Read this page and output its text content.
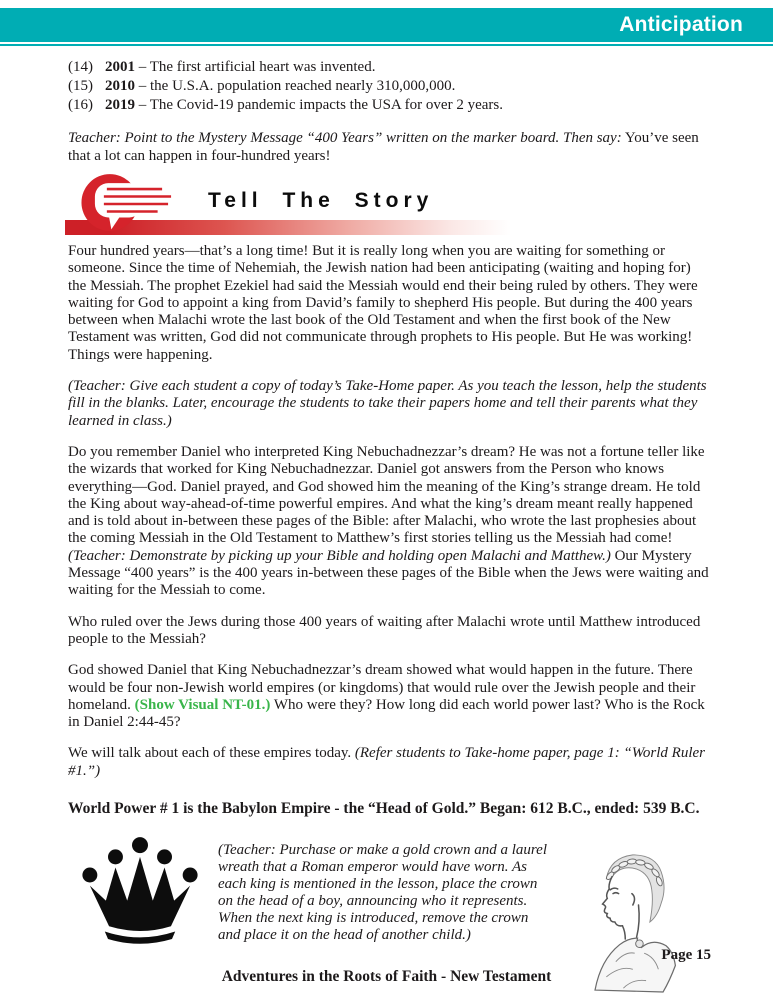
Anticipation
(14) 2001 – The first artificial heart was invented.
(15) 2010 – the U.S.A. population reached nearly 310,000,000.
(16) 2019 – The Covid-19 pandemic impacts the USA for over 2 years.

Teacher: Point to the Mystery Message “400 Years” written on the marker board. Then say: You’ve seen that a lot can happen in four-hundred years!

Tell The Story

Four hundred years—that’s a long time! But it is really long when you are waiting for something or someone. Since the time of Nehemiah, the Jewish nation had been anticipating (waiting and hoping for) the Messiah. The prophet Ezekiel had said the Messiah would end their being ruled by others. They were waiting for God to appoint a king from David’s family to shepherd His people. But during the 400 years between when Malachi wrote the last book of the Old Testament and when the first book of the New Testament was written, God did not communicate through prophets to His people. But He was working! Things were happening.

(Teacher: Give each student a copy of today’s Take-Home paper. As you teach the lesson, help the students fill in the blanks. Later, encourage the students to take their papers home and tell their parents what they learned in class.)

Do you remember Daniel who interpreted King Nebuchadnezzar’s dream? He was not a fortune teller like the wizards that worked for King Nebuchadnezzar. Daniel got answers from the Person who knows everything—God. Daniel prayed, and God showed him the meaning of the King’s strange dream. He told the King about way-ahead-of-time powerful empires. And what the king’s dream meant really happened and is told about in-between these pages of the Bible: after Malachi, who wrote the last prophesies about the coming Messiah in the Old Testament to Matthew’s first stories telling us the Messiah had come! (Teacher: Demonstrate by picking up your Bible and holding open Malachi and Matthew.) Our Mystery Message “400 years” is the 400 years in-between these pages of the Bible when the Jews were waiting and waiting for the Messiah to come.

Who ruled over the Jews during those 400 years of waiting after Malachi wrote until Matthew introduced people to the Messiah?

God showed Daniel that King Nebuchadnezzar’s dream showed what would happen in the future. There would be four non-Jewish world empires (or kingdoms) that would rule over the Jewish people and their homeland. (Show Visual NT-01.) Who were they? How long did each world power last? Who is the Rock in Daniel 2:44-45?

We will talk about each of these empires today. (Refer students to Take-home paper, page 1: “World Ruler #1.”)

World Power # 1 is the Babylon Empire - the “Head of Gold.” Began: 612 B.C., ended: 539 B.C.

(Teacher: Purchase or make a gold crown and a laurel wreath that a Roman emperor would have worn. As each king is mentioned in the lesson, place the crown on the head of a boy, announcing who it represents. When the next king is introduced, remove the crown and place it on the head of another child.)
Page 15
Adventures in the Roots of Faith - New Testament
